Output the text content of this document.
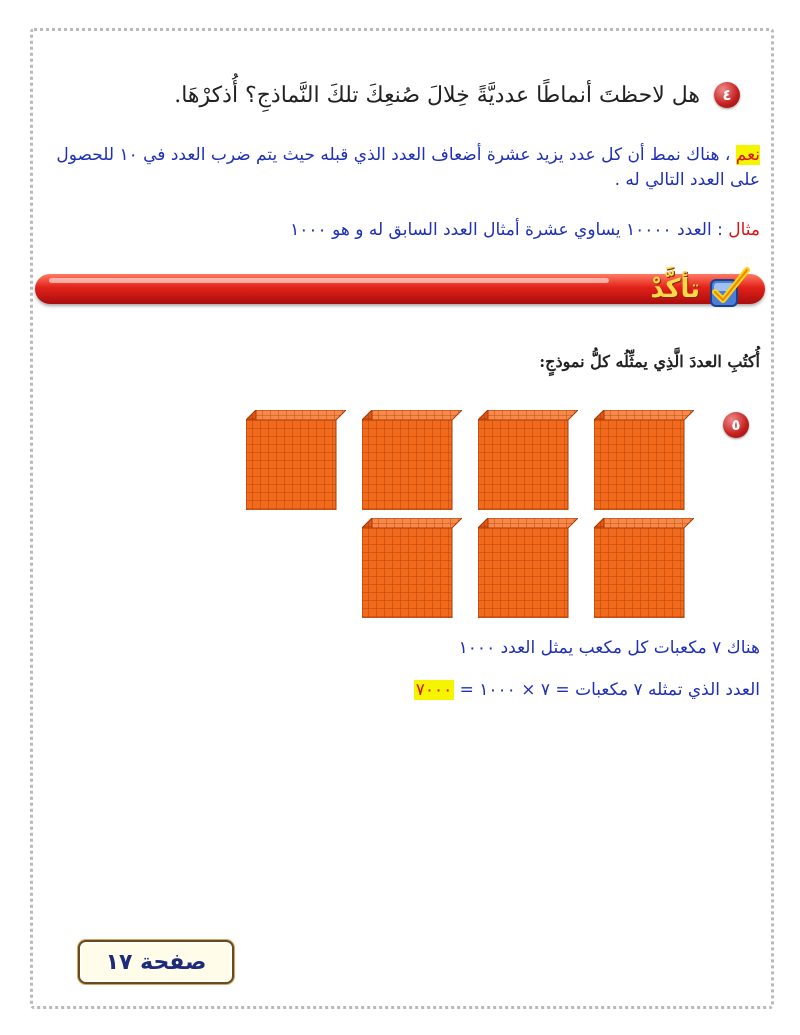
٤
هل لاحظتَ أنماطًا عدديَّةً خِلالَ صُنعِكَ تلكَ النَّماذجِ؟ أُذكرْهَا.
نعم ، هناك نمط أن كل عدد يزيد عشرة أضعاف العدد الذي قبله حيث يتم ضرب العدد في ١٠ للحصول على العدد التالي له .
مثال : العدد ١٠٠٠٠ يساوي عشرة أمثال العدد السابق له و هو ١٠٠٠
تأكَّدْ
أُكتُبِ العددَ الَّذِي يمثِّلُه كلُّ نموذجٍ:
٥
هناك ٧ مكعبات كل مكعب يمثل العدد ١٠٠٠
العدد الذي تمثله ٧ مكعبات = ٧ × ١٠٠٠ = ٧٠٠٠
صفحة ١٧
